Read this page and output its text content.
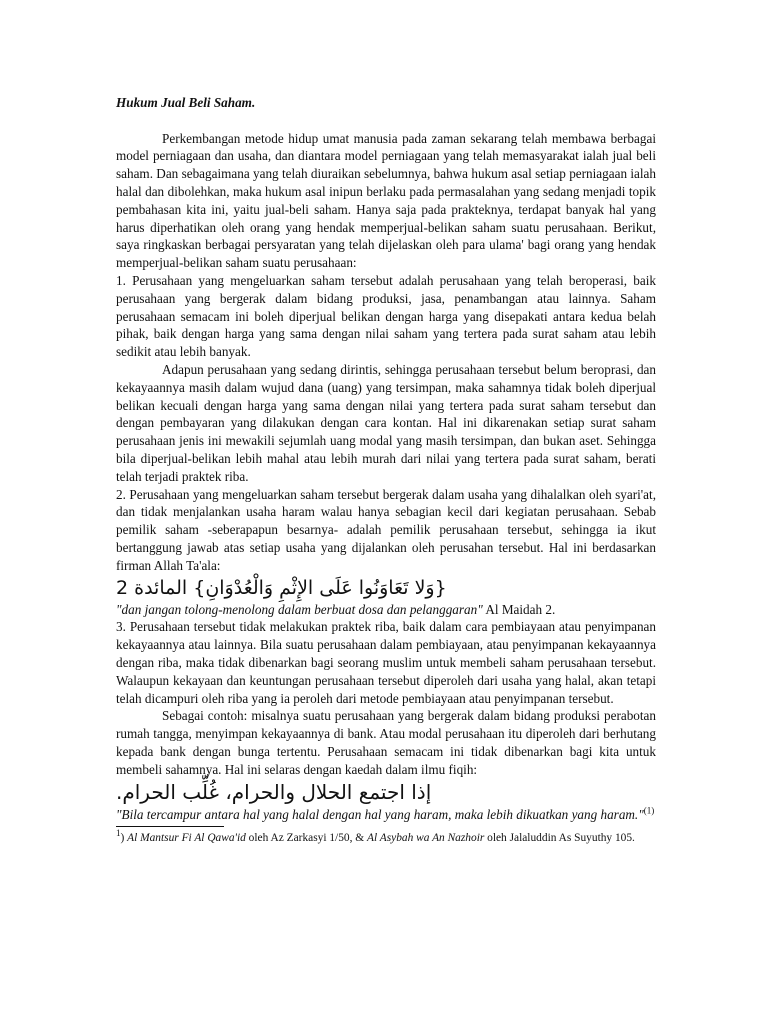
Hukum Jual Beli Saham.

Perkembangan metode hidup umat manusia pada zaman sekarang telah membawa berbagai model perniagaan dan usaha, dan diantara model perniagaan yang telah memasyarakat ialah jual beli saham. Dan sebagaimana yang telah diuraikan sebelumnya, bahwa hukum asal setiap perniagaan ialah halal dan dibolehkan, maka hukum asal inipun berlaku pada permasalahan yang sedang menjadi topik pembahasan kita ini, yaitu jual-beli saham. Hanya saja pada prakteknya, terdapat banyak hal yang harus diperhatikan oleh orang yang hendak memperjual-belikan saham suatu perusahaan. Berikut, saya ringkaskan berbagai persyaratan yang telah dijelaskan oleh para ulama' bagi orang yang hendak memperjual-belikan saham suatu perusahaan:

1. Perusahaan yang mengeluarkan saham tersebut adalah perusahaan yang telah beroperasi, baik perusahaan yang bergerak dalam bidang produksi, jasa, penambangan atau lainnya. Saham perusahaan semacam ini boleh diperjual belikan dengan harga yang disepakati antara kedua belah pihak, baik dengan harga yang sama dengan nilai saham yang tertera pada surat saham atau lebih sedikit atau lebih banyak.

Adapun perusahaan yang sedang dirintis, sehingga perusahaan tersebut belum beroprasi, dan kekayaannya masih dalam wujud dana (uang) yang tersimpan, maka sahamnya tidak boleh diperjual belikan kecuali dengan harga yang sama dengan nilai yang tertera pada surat saham tersebut dan dengan pembayaran yang dilakukan dengan cara kontan. Hal ini dikarenakan setiap surat saham perusahaan jenis ini mewakili sejumlah uang modal yang masih tersimpan, dan bukan aset. Sehingga bila diperjual-belikan lebih mahal atau lebih murah dari nilai yang tertera pada surat saham, berati telah terjadi praktek riba.

2. Perusahaan yang mengeluarkan saham tersebut bergerak dalam usaha yang dihalalkan oleh syari'at, dan tidak menjalankan usaha haram walau hanya sebagian kecil dari kegiatan perusahaan. Sebab pemilik saham -seberapapun besarnya- adalah pemilik perusahaan tersebut, sehingga ia ikut bertanggung jawab atas setiap usaha yang dijalankan oleh perusahan tersebut. Hal ini berdasarkan firman Allah Ta'ala:

{وَلا تَعَاوَنُوا عَلَى الإِثْمِ وَالْعُدْوَانِ} المائدة 2

"dan jangan tolong-menolong dalam berbuat dosa dan pelanggaran" Al Maidah 2.

3. Perusahaan tersebut tidak melakukan praktek riba, baik dalam cara pembiayaan atau penyimpanan kekayaannya atau lainnya. Bila suatu perusahaan dalam pembiayaan, atau penyimpanan kekayaannya dengan riba, maka tidak dibenarkan bagi seorang muslim untuk membeli saham perusahaan tersebut. Walaupun kekayaan dan keuntungan perusahaan tersebut diperoleh dari usaha yang halal, akan tetapi telah dicampuri oleh riba yang ia peroleh dari metode pembiayaan atau penyimpanan tersebut.

Sebagai contoh: misalnya suatu perusahaan yang bergerak dalam bidang produksi perabotan rumah tangga, menyimpan kekayaannya di bank. Atau modal perusahaan itu diperoleh dari berhutang kepada bank dengan bunga tertentu. Perusahaan semacam ini tidak dibenarkan bagi kita untuk membeli sahamnya. Hal ini selaras dengan kaedah dalam ilmu fiqih:

إذا اجتمع الحلال والحرام، غُلِّب الحرام.

"Bila tercampur antara hal yang halal dengan hal yang haram, maka lebih dikuatkan yang haram."$^{(1)}$

$^1$) Al Mantsur Fi Al Qawa'id oleh Az Zarkasyi 1/50, & Al Asybah wa An Nazhoir oleh Jalaluddin As Suyuthy 105.
